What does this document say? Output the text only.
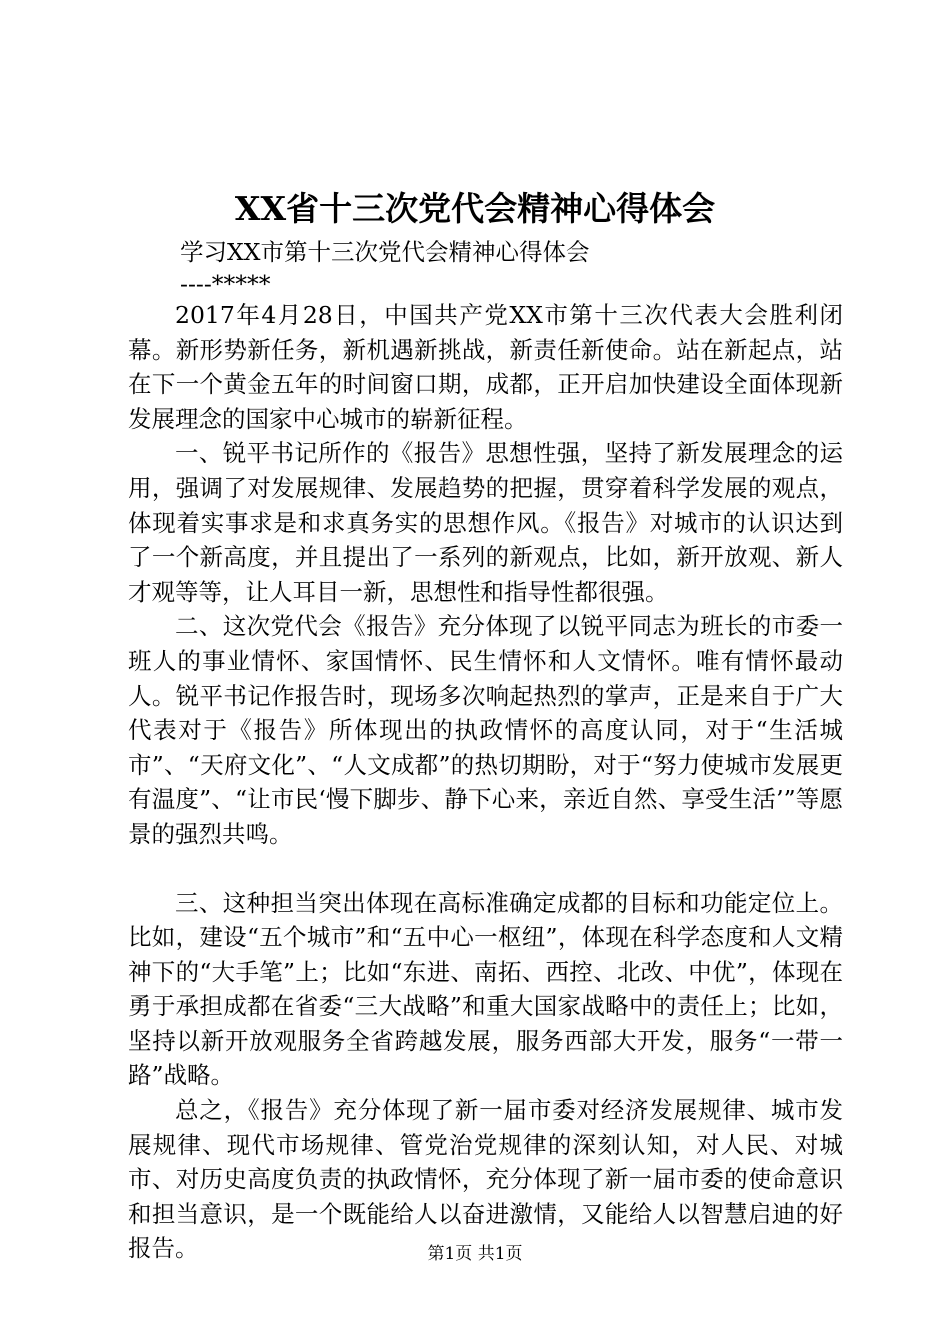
XX省十三次党代会精神心得体会
学习XX市第十三次党代会精神心得体会
----*****

2017年4月28日，中国共产党XX市第十三次代表大会胜利闭幕。新形势新任务，新机遇新挑战，新责任新使命。站在新起点，站在下一个黄金五年的时间窗口期，成都，正开启加快建设全面体现新发展理念的国家中心城市的崭新征程。

一、锐平书记所作的《报告》思想性强，坚持了新发展理念的运用，强调了对发展规律、发展趋势的把握，贯穿着科学发展的观点，体现着实事求是和求真务实的思想作风。《报告》对城市的认识达到了一个新高度，并且提出了一系列的新观点，比如，新开放观、新人才观等等，让人耳目一新，思想性和指导性都很强。

二、这次党代会《报告》充分体现了以锐平同志为班长的市委一班人的事业情怀、家国情怀、民生情怀和人文情怀。唯有情怀最动人。锐平书记作报告时，现场多次响起热烈的掌声，正是来自于广大代表对于《报告》所体现出的执政情怀的高度认同，对于“生活城市”、“天府文化”、“人文成都”的热切期盼，对于“努力使城市发展更有温度”、“让市民‘慢下脚步、静下心来，亲近自然、享受生活’”等愿景的强烈共鸣。

三、这种担当突出体现在高标准确定成都的目标和功能定位上。比如，建设“五个城市”和“五中心一枢纽”，体现在科学态度和人文精神下的“大手笔”上；比如“东进、南拓、西控、北改、中优”，体现在勇于承担成都在省委“三大战略”和重大国家战略中的责任上；比如，坚持以新开放观服务全省跨越发展，服务西部大开发，服务“一带一路”战略。

总之，《报告》充分体现了新一届市委对经济发展规律、城市发展规律、现代市场规律、管党治党规律的深刻认知，对人民、对城市、对历史高度负责的执政情怀，充分体现了新一届市委的使命意识和担当意识，是一个既能给人以奋进激情，又能给人以智慧启迪的好报告。	第1页 共1页
